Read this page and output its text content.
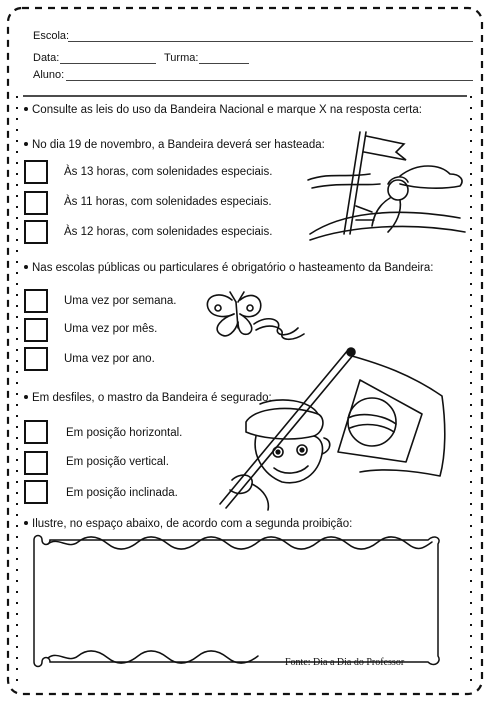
Escola:
Data:	Turma:
Aluno:
Consulte as leis do uso da Bandeira Nacional e marque X na resposta certa:
No dia 19 de novembro, a Bandeira deverá ser hasteada:
Às 13 horas, com solenidades especiais.
Às 11 horas, com solenidades especiais.
Às 12 horas, com solenidades especiais.
Nas escolas públicas ou particulares é obrigatório o hasteamento da Bandeira:
Uma vez por semana.
Uma vez por mês.
Uma vez por ano.
Em desfiles, o mastro da Bandeira é segurado:
Em posição horizontal.
Em posição vertical.
Em posição inclinada.
Ilustre, no espaço abaixo, de acordo com a segunda proibição:
Fonte: Dia a Dia do Professor
